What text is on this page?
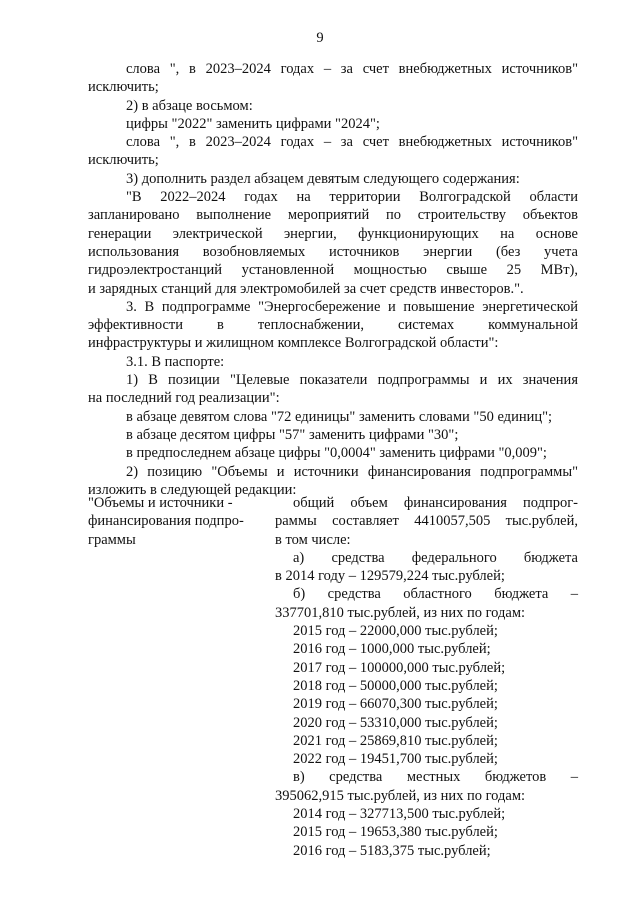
9
слова ", в 2023–2024 годах – за счет внебюджетных источников"
исключить;
2) в абзаце восьмом:
цифры "2022" заменить цифрами "2024";
слова ", в 2023–2024 годах – за счет внебюджетных источников"
исключить;
3) дополнить раздел абзацем девятым следующего содержания:
"В 2022–2024 годах на территории Волгоградской области
запланировано выполнение мероприятий по строительству объектов
генерации электрической энергии, функционирующих на основе
использования возобновляемых источников энергии (без учета
гидроэлектростанций установленной мощностью свыше 25 МВт),
и зарядных станций для электромобилей за счет средств инвесторов.".
3. В подпрограмме "Энергосбережение и повышение энергетической
эффективности в теплоснабжении, системах коммунальной
инфраструктуры и жилищном комплексе Волгоградской области":
3.1. В паспорте:
1) В позиции "Целевые показатели подпрограммы и их значения
на последний год реализации":
в абзаце девятом слова "72 единицы" заменить словами "50 единиц";
в абзаце десятом цифры "57" заменить цифрами "30";
в предпоследнем абзаце цифры "0,0004" заменить цифрами "0,009";
2) позицию "Объемы и источники финансирования подпрограммы"
изложить в следующей редакции:
"Объемы и источники -
финансирования подпро-
граммы
общий объем финансирования подпрог-
раммы составляет 4410057,505 тыс.рублей,
в том числе:
а) средства федерального бюджета
в 2014 году – 129579,224 тыс.рублей;
б) средства областного бюджета –
337701,810 тыс.рублей, из них по годам:
2015 год – 22000,000 тыс.рублей;
2016 год – 1000,000 тыс.рублей;
2017 год – 100000,000 тыс.рублей;
2018 год – 50000,000 тыс.рублей;
2019 год – 66070,300 тыс.рублей;
2020 год – 53310,000 тыс.рублей;
2021 год – 25869,810 тыс.рублей;
2022 год – 19451,700 тыс.рублей;
в) средства местных бюджетов –
395062,915 тыс.рублей, из них по годам:
2014 год – 327713,500 тыс.рублей;
2015 год – 19653,380 тыс.рублей;
2016 год – 5183,375 тыс.рублей;
